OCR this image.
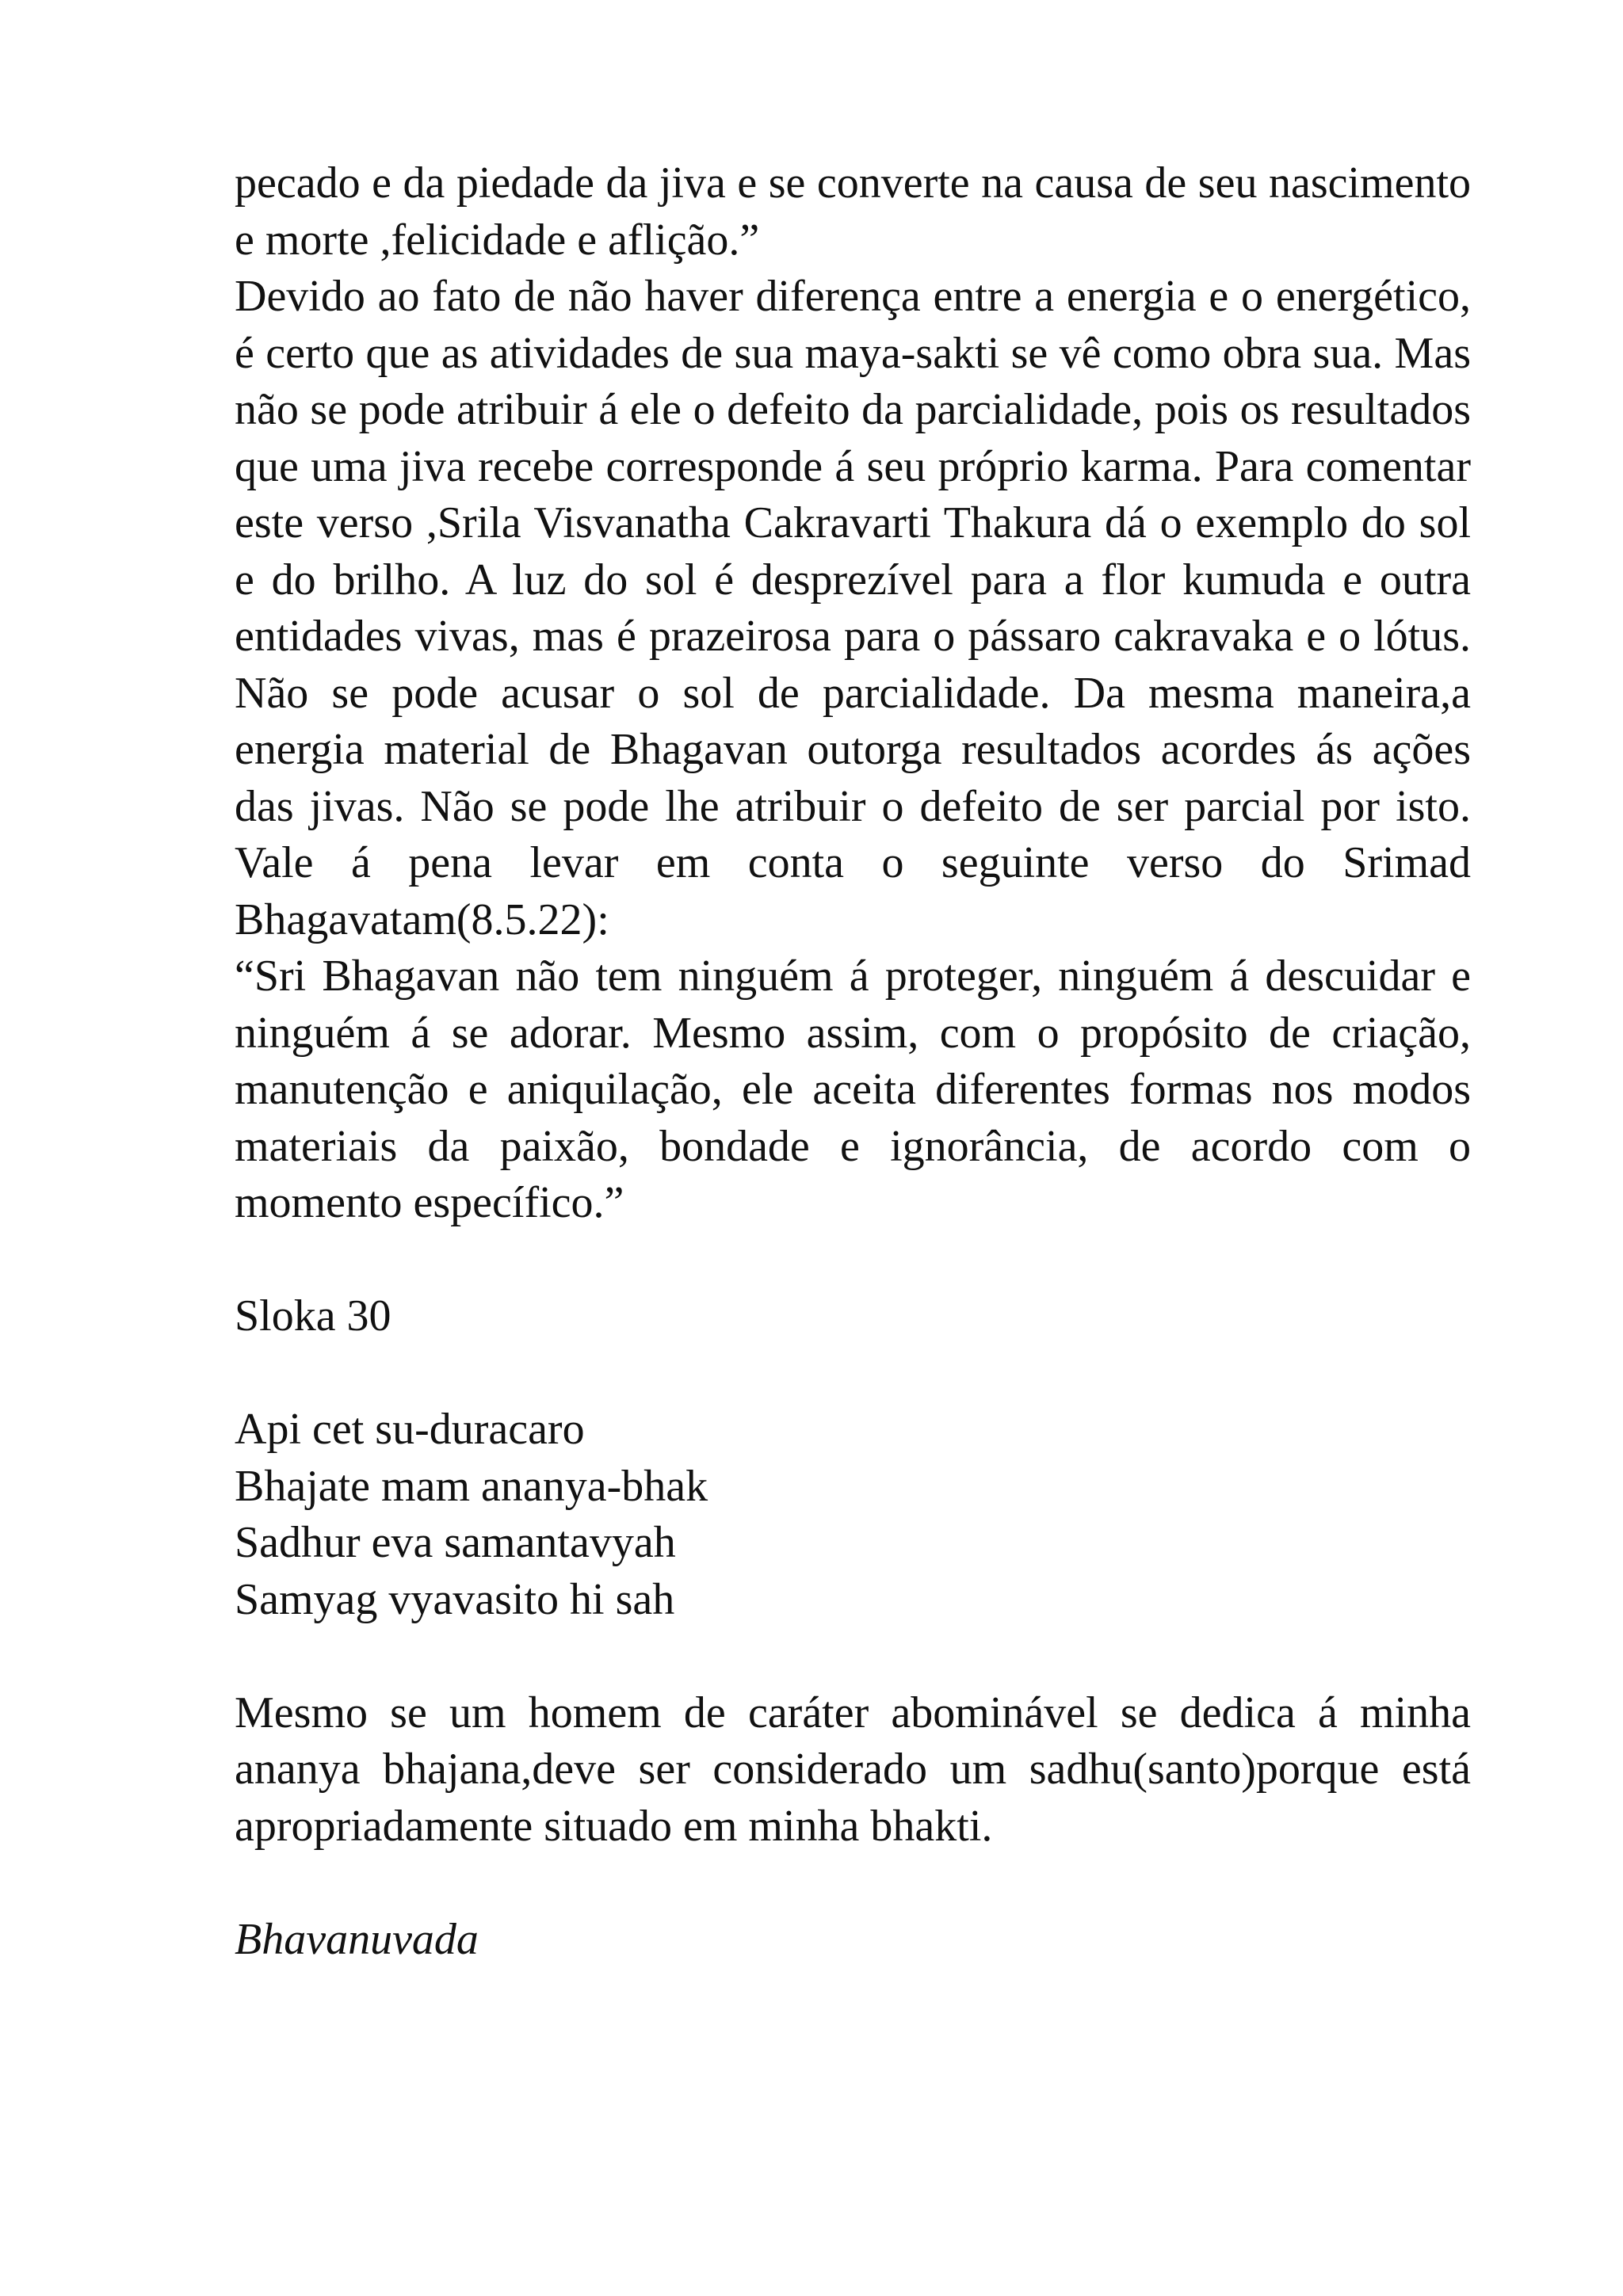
pecado e da piedade da jiva e se converte na causa de seu nascimento e morte ,felicidade e aflição.”

Devido ao fato de não haver diferença entre a energia e o energético, é certo que as atividades de sua maya-sakti se vê como obra sua. Mas não se pode atribuir á ele o defeito da parcialidade, pois os resultados que uma jiva recebe corresponde á seu próprio karma. Para comentar este verso ,Srila Visvanatha Cakravarti Thakura dá o exemplo do sol e do brilho. A luz do sol é desprezível para a flor kumuda e outra entidades vivas, mas é prazeirosa para o pássaro cakravaka e o lótus. Não se pode acusar o sol de parcialidade. Da mesma maneira,a energia material de Bhagavan outorga resultados acordes ás ações das jivas. Não se pode lhe atribuir o defeito de ser parcial por isto. Vale á pena levar em conta o seguinte verso do Srimad Bhagavatam(8.5.22):

“Sri Bhagavan não tem ninguém á proteger, ninguém á descuidar e ninguém á se adorar. Mesmo assim, com o propósito de criação, manutenção e aniquilação, ele aceita diferentes formas nos modos materiais da paixão, bondade e ignorância, de acordo com o momento específico.”

Sloka 30

Api cet su-duracaro
Bhajate mam ananya-bhak
Sadhur eva samantavyah
Samyag vyavasito hi sah

Mesmo se um homem de caráter abominável se dedica á minha ananya bhajana,deve ser considerado um sadhu(santo)porque está apropriadamente situado em minha bhakti.

Bhavanuvada
